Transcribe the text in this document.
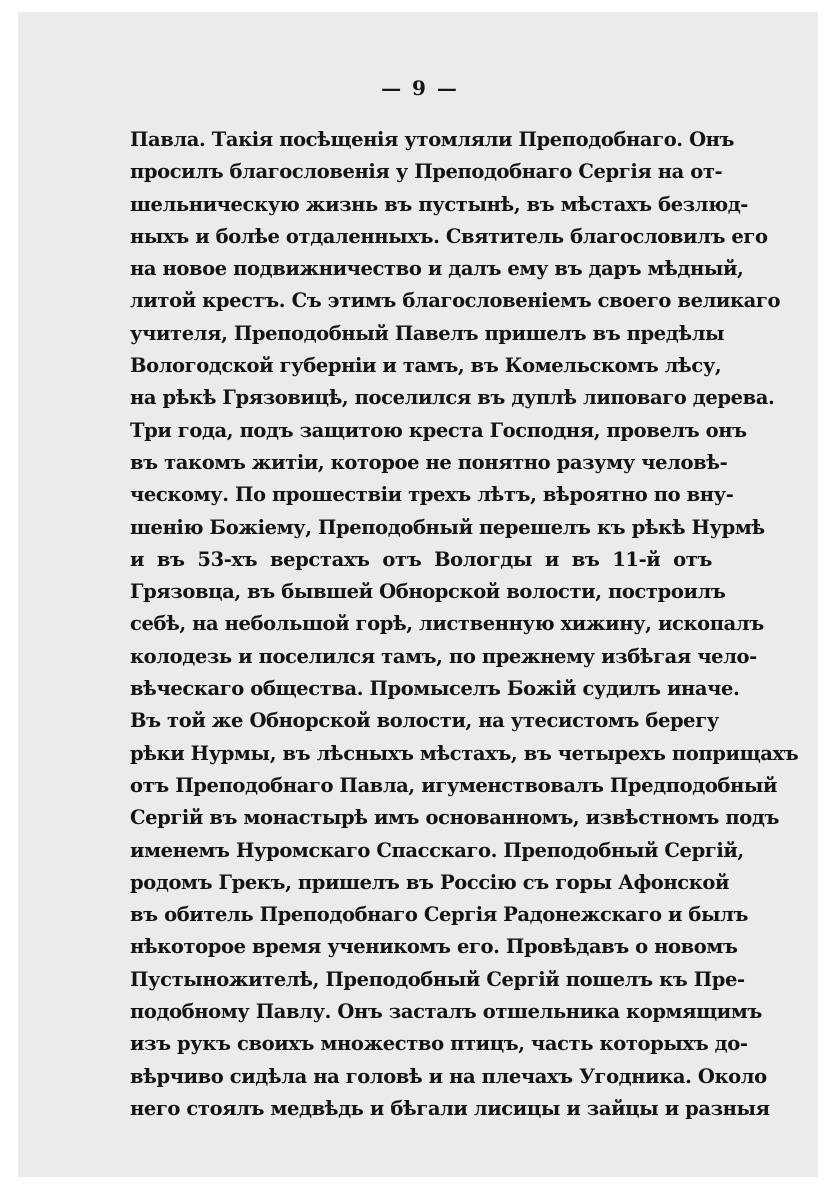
— 9 —
Павла. Такія посѣщенія утомляли Преподобнаго. Онъ
просилъ благословенія у Преподобнаго Сергія на от-
шельническую жизнь въ пустынѣ, въ мѣстахъ безлюд-
ныхъ и болѣе отдаленныхъ. Святитель благословилъ его
на новое подвижничество и далъ ему въ даръ мѣдный,
литой крестъ. Съ этимъ благословеніемъ своего великаго
учителя, Преподобный Павелъ пришелъ въ предѣлы
Вологодской губерніи и тамъ, въ Комельскомъ лѣсу,
на рѣкѣ Грязовицѣ, поселился въ дуплѣ липоваго дерева.
Три года, подъ защитою креста Господня, провелъ онъ
въ такомъ житіи, которое не понятно разуму человѣ-
ческому. По прошествіи трехъ лѣтъ, вѣроятно по вну-
шенію Божіему, Преподобный перешелъ къ рѣкѣ Нурмѣ
и въ 53-хъ верстахъ отъ Вологды и въ 11-й отъ
Грязовца, въ бывшей Обнорской волости, построилъ
себѣ, на небольшой горѣ, лиственную хижину, ископалъ
колодезь и поселился тамъ, по прежнему избѣгая чело-
вѣческаго общества. Промыселъ Божій судилъ иначе.
Въ той же Обнорской волости, на утесистомъ берегу
рѣки Нурмы, въ лѣсныхъ мѣстахъ, въ четырехъ поприщахъ
отъ Преподобнаго Павла, игуменствовалъ Предподобный
Сергій въ монастырѣ имъ основанномъ, извѣстномъ подъ
именемъ Нуромскаго Спасскаго. Преподобный Сергій,
родомъ Грекъ, пришелъ въ Россію съ горы Афонской
въ обитель Преподобнаго Сергія Радонежскаго и былъ
нѣкоторое время ученикомъ его. Провѣдавъ о новомъ
Пустыножителѣ, Преподобный Сергій пошелъ къ Пре-
подобному Павлу. Онъ засталъ отшельника кормящимъ
изъ рукъ своихъ множество птицъ, часть которыхъ до-
вѣрчиво сидѣла на головѣ и на плечахъ Угодника. Около
него стоялъ медвѣдь и бѣгали лисицы и зайцы и разныя
